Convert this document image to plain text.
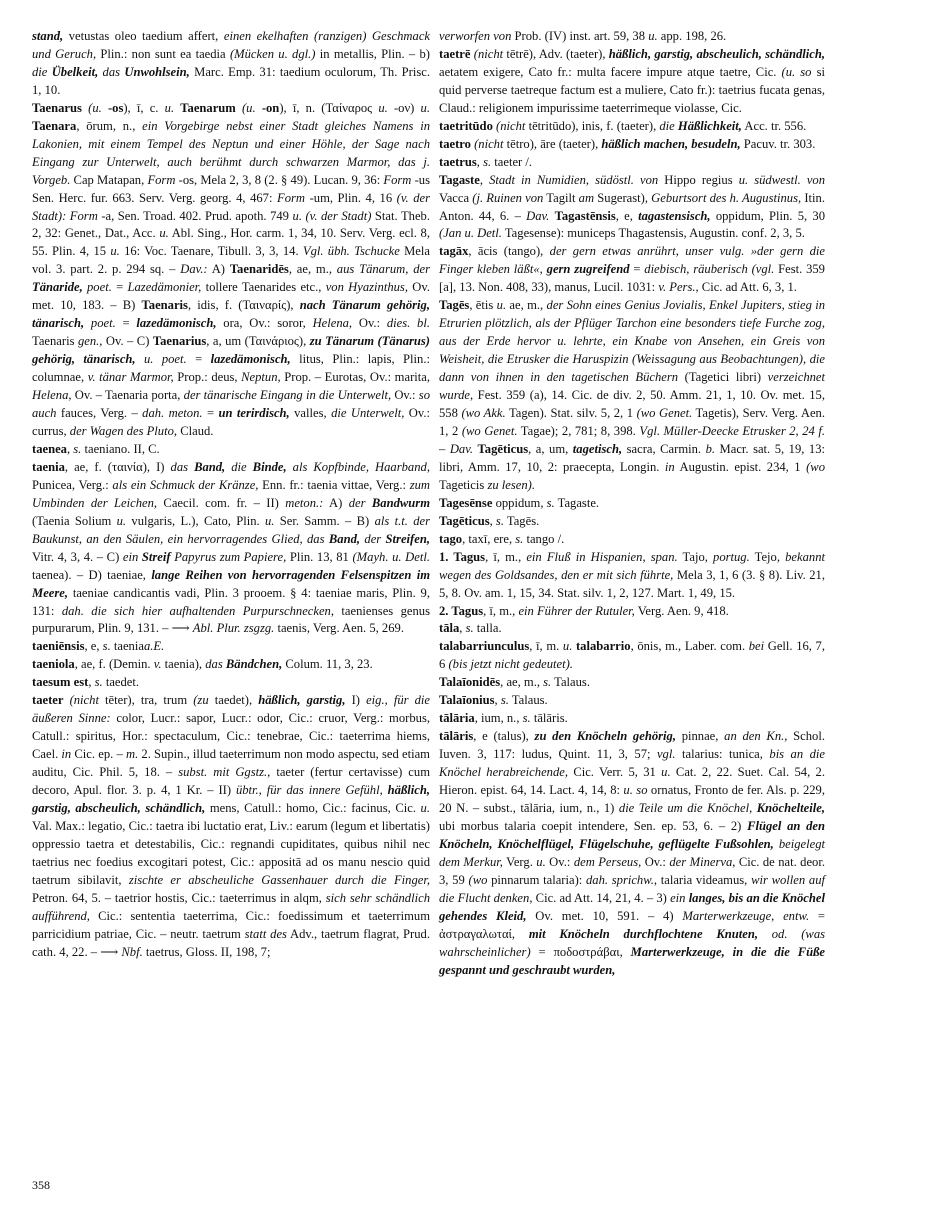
stand, vetustas oleo taedium affert, einen ekelhaften (ranzigen) Geschmack und Geruch, Plin.: non sunt ea taedia (Mücken u. dgl.) in metallis, Plin. – b) die Übelkeit, das Unwohlsein, Marc. Emp. 31: taedium oculorum, Th. Prisc. 1, 10.

Taenarus (u. -os), ī, c. u. Taenarum (u. -on), ī, n. (Ταίναρος u. -ον) u. Taenara, ōrum, n., ein Vorgebirge nebst einer Stadt gleiches Namens in Lakonien, mit einem Tempel des Neptun und einer Höhle, der Sage nach Eingang zur Unterwelt, auch berühmt durch schwarzen Marmor, das j. Vorgeb. Cap Matapan, Form -os, Mela 2, 3, 8 (2. § 49). Lucan. 9, 36: Form -us Sen. Herc. fur. 663. Serv. Verg. georg. 4, 467: Form -um, Plin. 4, 16 (v. der Stadt): Form -a, Sen. Troad. 402. Prud. apoth. 749 u. (v. der Stadt) Stat. Theb. 2, 32: Genet., Dat., Acc. u. Abl. Sing., Hor. carm. 1, 34, 10. Serv. Verg. ecl. 8, 55. Plin. 4, 15 u. 16: Voc. Taenare, Tibull. 3, 3, 14. Vgl. übh. Tschucke Mela vol. 3. part. 2. p. 294 sq. – Dav.: A) Taenaridēs, ae, m., aus Tänarum, der Tänaride, poet. = Lazedämonier, tollere Taenarides etc., von Hyazinthus, Ov. met. 10, 183. – B) Taenaris, idis, f. (Ταιναρίς), nach Tänarum gehörig, tänarisch, poet. = lazedämonisch, ora, Ov.: soror, Helena, Ov.: dies. bl. Taenaris gen., Ov. – C) Taenarius, a, um (Ταινάριος), zu Tänarum (Tänarus) gehörig, tänarisch, u. poet. = lazedämonisch, litus, Plin.: lapis, Plin.: columnae, v. tänar Marmor, Prop.: deus, Neptun, Prop. – Eurotas, Ov.: marita, Helena, Ov. – Taenaria porta, der tänarische Eingang in die Unterwelt, Ov.: so auch fauces, Verg. – dah. meton. = un terirdisch, valles, die Unterwelt, Ov.: currus, der Wagen des Pluto, Claud.

taenea, s. taeniano. II, C.

taenia, ae, f. (ταινία), I) das Band, die Binde, als Kopfbinde, Haarband, Punicea, Verg.: als ein Schmuck der Kränze, Enn. fr.: taenia vittae, Verg.: zum Umbinden der Leichen, Caecil. com. fr. – II) meton.: A) der Bandwurm (Taenia Solium u. vulgaris, L.), Cato, Plin. u. Ser. Samm. – B) als t.t. der Baukunst, an den Säulen, ein hervorragendes Glied, das Band, der Streifen, Vitr. 4, 3, 4. – C) ein Streif Papyrus zum Papiere, Plin. 13, 81 (Mayh. u. Detl. taenea). – D) taeniae, lange Reihen von hervorragenden Felsenspitzen im Meere, taeniae candicantis vadi, Plin. 3 prooem. § 4: taeniae maris, Plin. 9, 131: dah. die sich hier aufhaltenden Purpurschnecken, taenienses genus purpurarum, Plin. 9, 131. – ⟶ Abl. Plur. zsgzg. taenis, Verg. Aen. 5, 269.

taeniēnsis, e, s. taeniaa.E.

taeniola, ae, f. (Demin. v. taenia), das Bändchen, Colum. 11, 3, 23.

taesum est, s. taedet.

taeter (nicht tēter), tra, trum (zu taedet), häßlich, garstig, I) eig., für die äußeren Sinne: color, Lucr.: sapor, Lucr.: odor, Cic.: cruor, Verg.: morbus, Catull.: spiritus, Hor.: spectaculum, Cic.: tenebrae, Cic.: taeterrima hiems, Cael. in Cic. ep. – m. 2. Supin., illud taeterrimum non modo aspectu, sed etiam auditu, Cic. Phil. 5, 18. – subst. mit Ggstz., taeter (fertur certavisse) cum decoro, Apul. flor. 3. p. 4, 1 Kr. – II) übtr., für das innere Gefühl, häßlich, garstig, abscheulich, schändlich, mens, Catull.: homo, Cic.: facinus, Cic. u. Val. Max.: legatio, Cic.: taetra ibi luctatio erat, Liv.: earum (legum et libertatis) oppressio taetra et detestabilis, Cic.: regnandi cupiditates, quibus nihil nec taetrius nec foedius excogitari potest, Cic.: appositā ad os manu nescio quid taetrum sibilavit, zischte er abscheuliche Gassenhauer durch die Finger, Petron. 64, 5. – taetrior hostis, Cic.: taeterrimus in alqm, sich sehr schändlich aufführend, Cic.: sententia taeterrima, Cic.: foedissimum et taeterrimum parricidium patriae, Cic. – neutr. taetrum statt des Adv., taetrum flagrat, Prud. cath. 4, 22. – ⟶ Nbf. taetrus, Gloss. II, 198, 7;

verworfen von Prob. (IV) inst. art. 59, 38 u. app. 198, 26.

taetrē (nicht tētrē), Adv. (taeter), häßlich, garstig, abscheulich, schändlich, aetatem exigere, Cato fr.: multa facere impure atque taetre, Cic. (u. so si quid perverse taetreque factum est a muliere, Cato fr.): taetrius fucata genas, Claud.: religionem impurissime taeterrimeque violasse, Cic.

taetritūdo (nicht tētritūdo), inis, f. (taeter), die Häßlichkeit, Acc. tr. 556.

taetro (nicht tētro), āre (taeter), häßlich machen, besudeln, Pacuv. tr. 303.

taetrus, s. taeter /.

Tagaste, Stadt in Numidien, südöstl. von Hippo regius u. südwestl. von Vacca (j. Ruinen von Tagilt am Sugerast), Geburtsort des h. Augustinus, Itin. Anton. 44, 6. – Dav. Tagastēnsis, e, tagastensisch, oppidum, Plin. 5, 30 (Jan u. Detl. Tagesense): municeps Thagastensis, Augustin. conf. 2, 3, 5.

tagāx, ācis (tango), der gern etwas anrührt, unser vulg. »der gern die Finger kleben läßt«, gern zugreifend = diebisch, räuberisch (vgl. Fest. 359 [a], 13. Non. 408, 33), manus, Lucil. 1031: v. Pers., Cic. ad Att. 6, 3, 1.

Tagēs, ētis u. ae, m., der Sohn eines Genius Jovialis, Enkel Jupiters, stieg in Etrurien plötzlich, als der Pflüger Tarchon eine besonders tiefe Furche zog, aus der Erde hervor u. lehrte, ein Knabe von Ansehen, ein Greis von Weisheit, die Etrusker die Haruspizin (Weissagung aus Beobachtungen), die dann von ihnen in den tagetischen Büchern (Tagetici libri) verzeichnet wurde, Fest. 359 (a), 14. Cic. de div. 2, 50. Amm. 21, 1, 10. Ov. met. 15, 558 (wo Akk. Tagen). Stat. silv. 5, 2, 1 (wo Genet. Tagetis), Serv. Verg. Aen. 1, 2 (wo Genet. Tagae); 2, 781; 8, 398. Vgl. Müller-Deecke Etrusker 2, 24 f. – Dav. Tagēticus, a, um, tagetisch, sacra, Carmin. b. Macr. sat. 5, 19, 13: libri, Amm. 17, 10, 2: praecepta, Longin. in Augustin. epist. 234, 1 (wo Tageticis zu lesen).

Tagesēnse oppidum, s. Tagaste.

Tagēticus, s. Tagēs.

tago, taxī, ere, s. tango /.

1. Tagus, ī, m., ein Fluß in Hispanien, span. Tajo, portug. Tejo, bekannt wegen des Goldsandes, den er mit sich führte, Mela 3, 1, 6 (3. § 8). Liv. 21, 5, 8. Ov. am. 1, 15, 34. Stat. silv. 1, 2, 127. Mart. 1, 49, 15.

2. Tagus, ī, m., ein Führer der Rutuler, Verg. Aen. 9, 418.

tāla, s. talla.

talabarriunculus, ī, m. u. talabarrio, ōnis, m., Laber. com. bei Gell. 16, 7, 6 (bis jetzt nicht gedeutet).

Talaīonidēs, ae, m., s. Talaus.

Talaīonius, s. Talaus.

tālāria, ium, n., s. tālāris.

tālāris, e (talus), zu den Knöcheln gehörig, pinnae, an den Kn., Schol. Iuven. 3, 117: ludus, Quint. 11, 3, 57; vgl. talarius: tunica, bis an die Knöchel herabreichende, Cic. Verr. 5, 31 u. Cat. 2, 22. Suet. Cal. 54, 2. Hieron. epist. 64, 14. Lact. 4, 14, 8: u. so ornatus, Fronto de fer. Als. p. 229, 20 N. – subst., tālāria, ium, n., 1) die Teile um die Knöchel, Knöchelteile, ubi morbus talaria coepit intendere, Sen. ep. 53, 6. – 2) Flügel an den Knöcheln, Knöchelflügel, Flügelschuhe, geflügelte Fußsohlen, beigelegt dem Merkur, Verg. u. Ov.: dem Perseus, Ov.: der Minerva, Cic. de nat. deor. 3, 59 (wo pinnarum talaria): dah. sprichw., talaria videamus, wir wollen auf die Flucht denken, Cic. ad Att. 14, 21, 4. – 3) ein langes, bis an die Knöchel gehendes Kleid, Ov. met. 10, 591. – 4) Marterwerkzeuge, entw. = ἀστραγαλωταί, mit Knöcheln durchflochtene Knuten, od. (was wahrscheinlicher) = ποδοστράβαι, Marterwerkzeuge, in die die Füße gespannt und geschraubt wurden,

358
